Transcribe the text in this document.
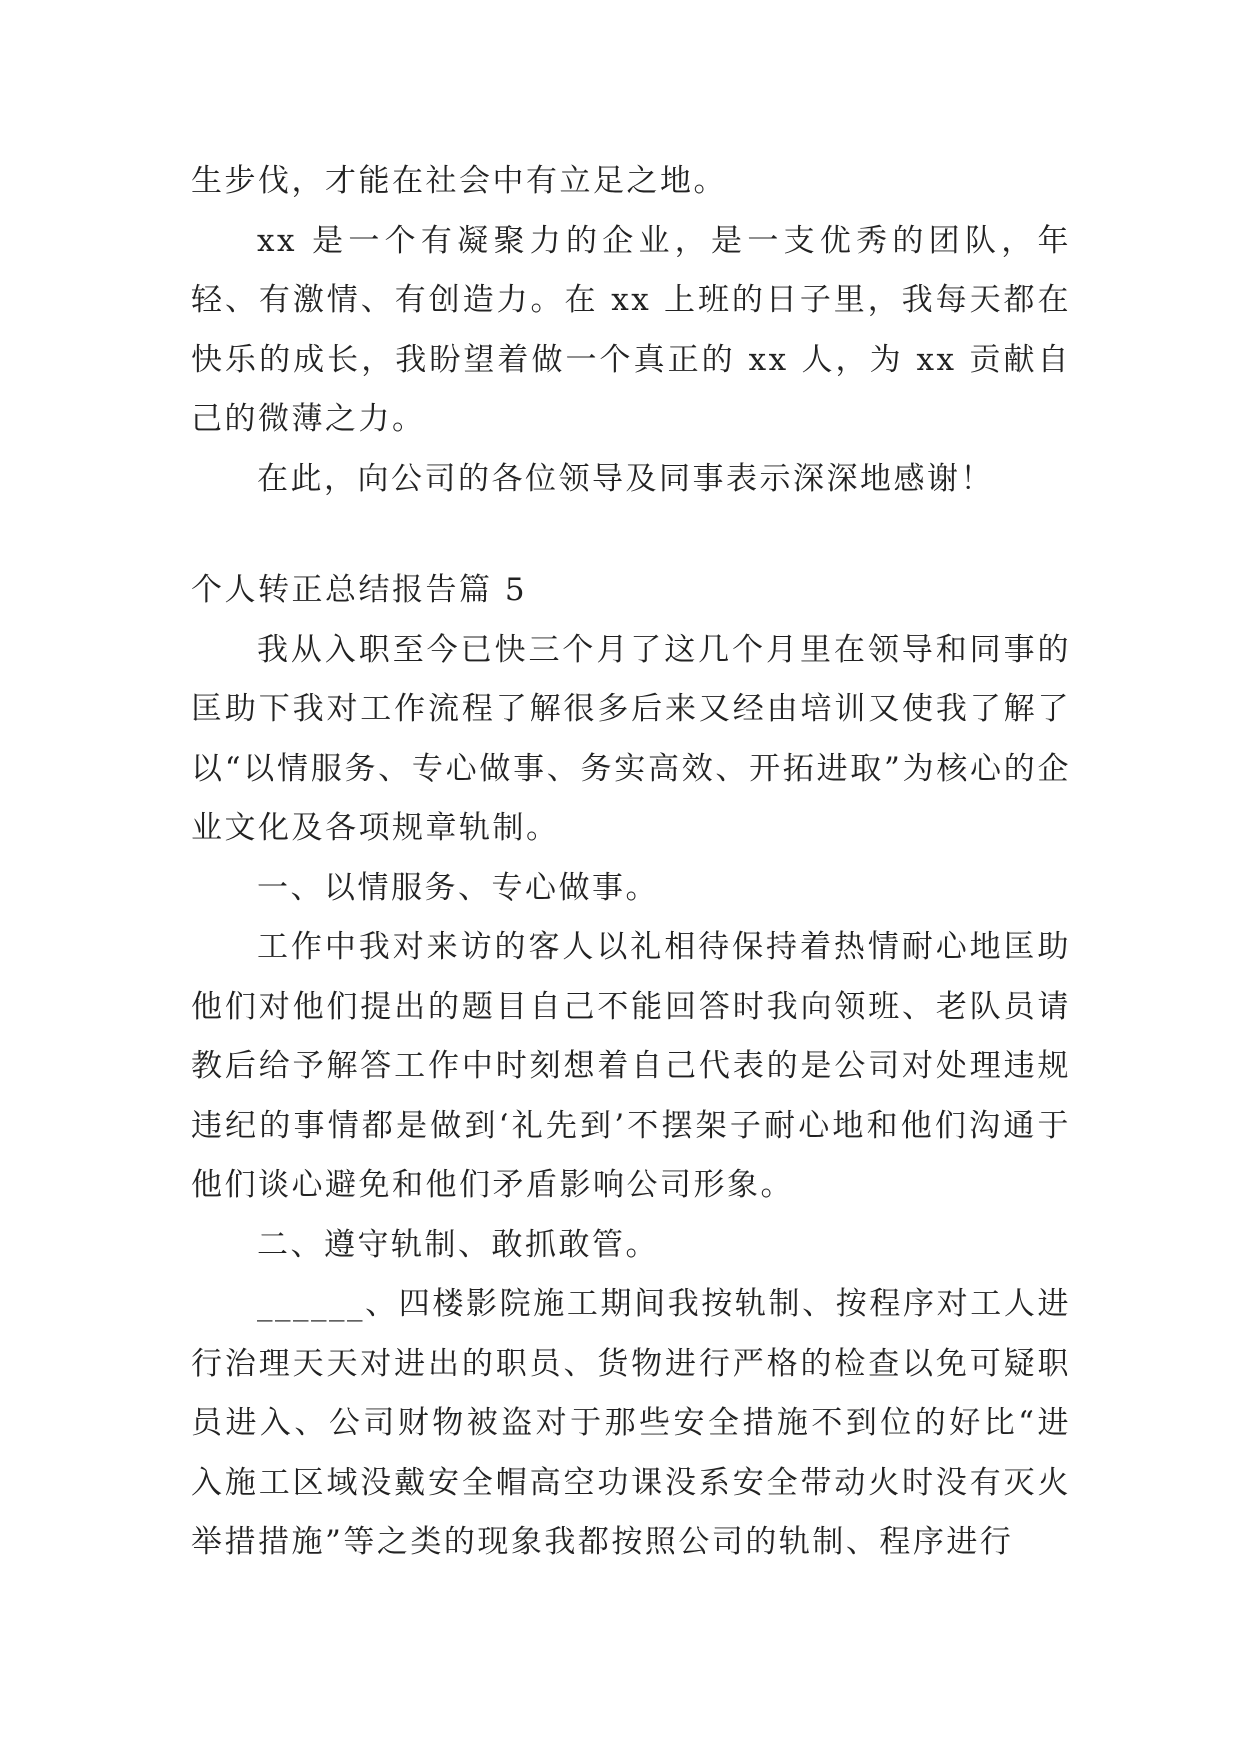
生步伐，才能在社会中有立足之地。

xx 是一个有凝聚力的企业，是一支优秀的团队，年轻、有激情、有创造力。在 xx 上班的日子里，我每天都在快乐的成长，我盼望着做一个真正的 xx 人，为 xx 贡献自己的微薄之力。

在此，向公司的各位领导及同事表示深深地感谢！

个人转正总结报告篇 5

我从入职至今已快三个月了这几个月里在领导和同事的匡助下我对工作流程了解很多后来又经由培训又使我了解了以“以情服务、专心做事、务实高效、开拓进取”为核心的企业文化及各项规章轨制。

一、以情服务、专心做事。

工作中我对来访的客人以礼相待保持着热情耐心地匡助他们对他们提出的题目自己不能回答时我向领班、老队员请教后给予解答工作中时刻想着自己代表的是公司对处理违规违纪的事情都是做到‘礼先到’不摆架子耐心地和他们沟通于他们谈心避免和他们矛盾影响公司形象。

二、遵守轨制、敢抓敢管。

______、四楼影院施工期间我按轨制、按程序对工人进行治理天天对进出的职员、货物进行严格的检查以免可疑职员进入、公司财物被盗对于那些安全措施不到位的好比“进入施工区域没戴安全帽高空功课没系安全带动火时没有灭火举措措施”等之类的现象我都按照公司的轨制、程序进行
